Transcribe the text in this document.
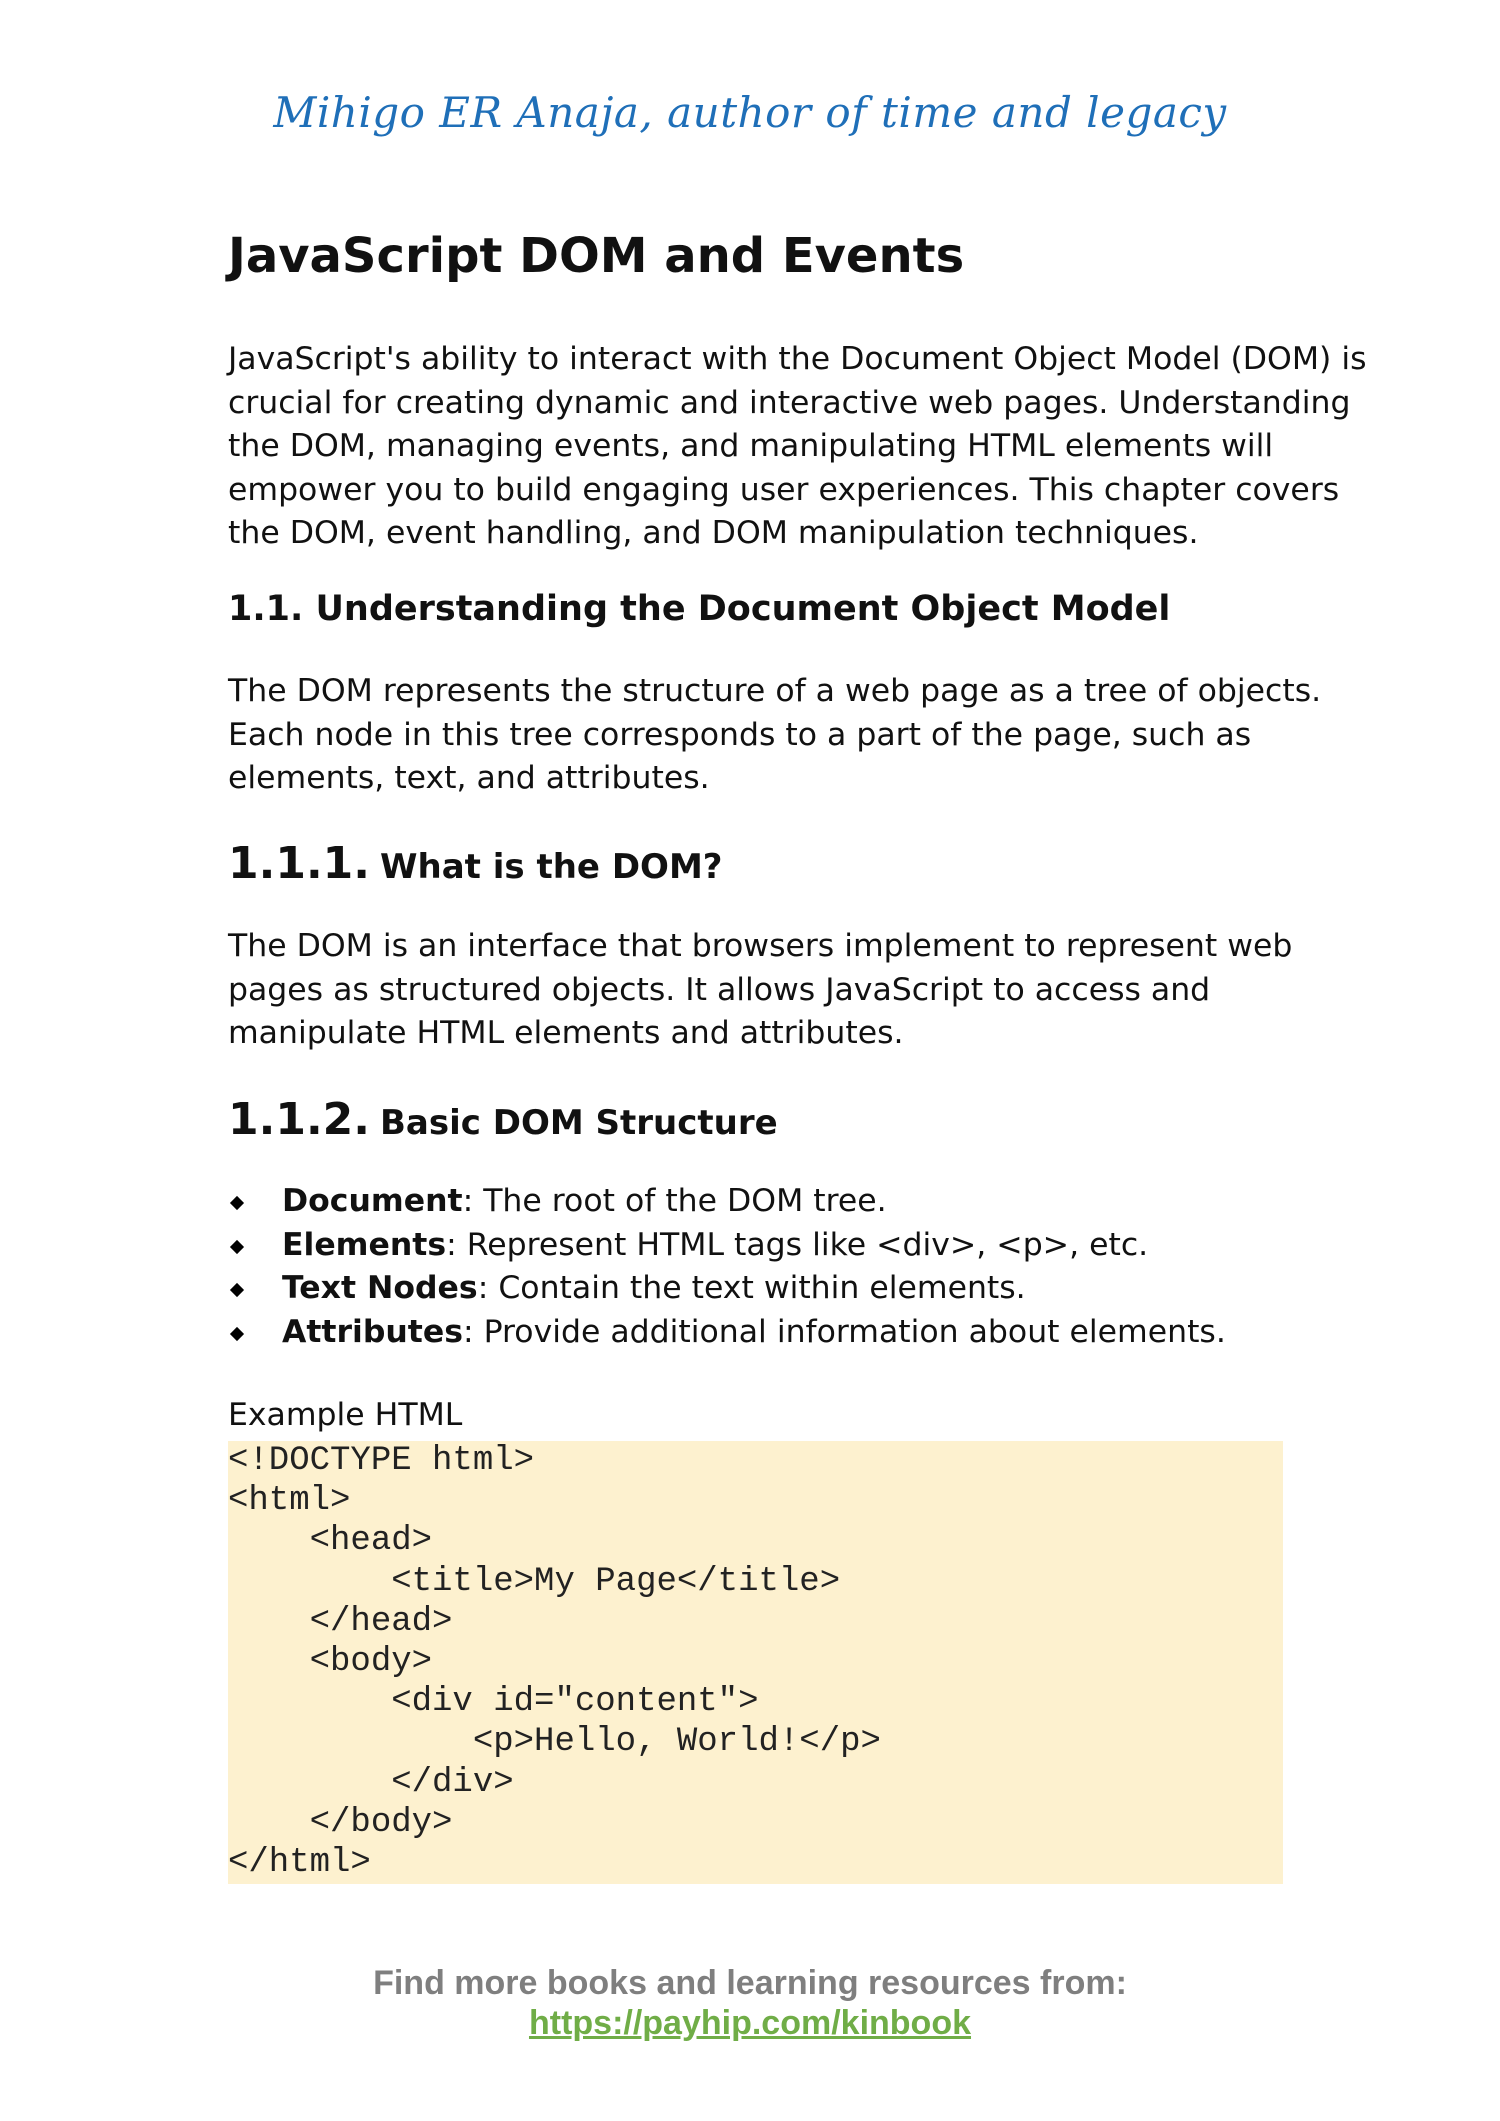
Mihigo ER Anaja, author of time and legacy
JavaScript DOM and Events
JavaScript's ability to interact with the Document Object Model (DOM) is
crucial for creating dynamic and interactive web pages. Understanding
the DOM, managing events, and manipulating HTML elements will
empower you to build engaging user experiences. This chapter covers
the DOM, event handling, and DOM manipulation techniques.
1.1. Understanding the Document Object Model
The DOM represents the structure of a web page as a tree of objects.
Each node in this tree corresponds to a part of the page, such as
elements, text, and attributes.
1.1.1. What is the DOM?
The DOM is an interface that browsers implement to represent web
pages as structured objects. It allows JavaScript to access and
manipulate HTML elements and attributes.
1.1.2. Basic DOM Structure
Document: The root of the DOM tree.
Elements: Represent HTML tags like <div>, <p>, etc.
Text Nodes: Contain the text within elements.
Attributes: Provide additional information about elements.
Example HTML
<!DOCTYPE html>
<html>
<head>
<title>My Page</title>
</head>
<body>
<div id="content">
<p>Hello, World!</p>
</div>
</body>
</html>
Find more books and learning resources from:
https://payhip.com/kinbook
